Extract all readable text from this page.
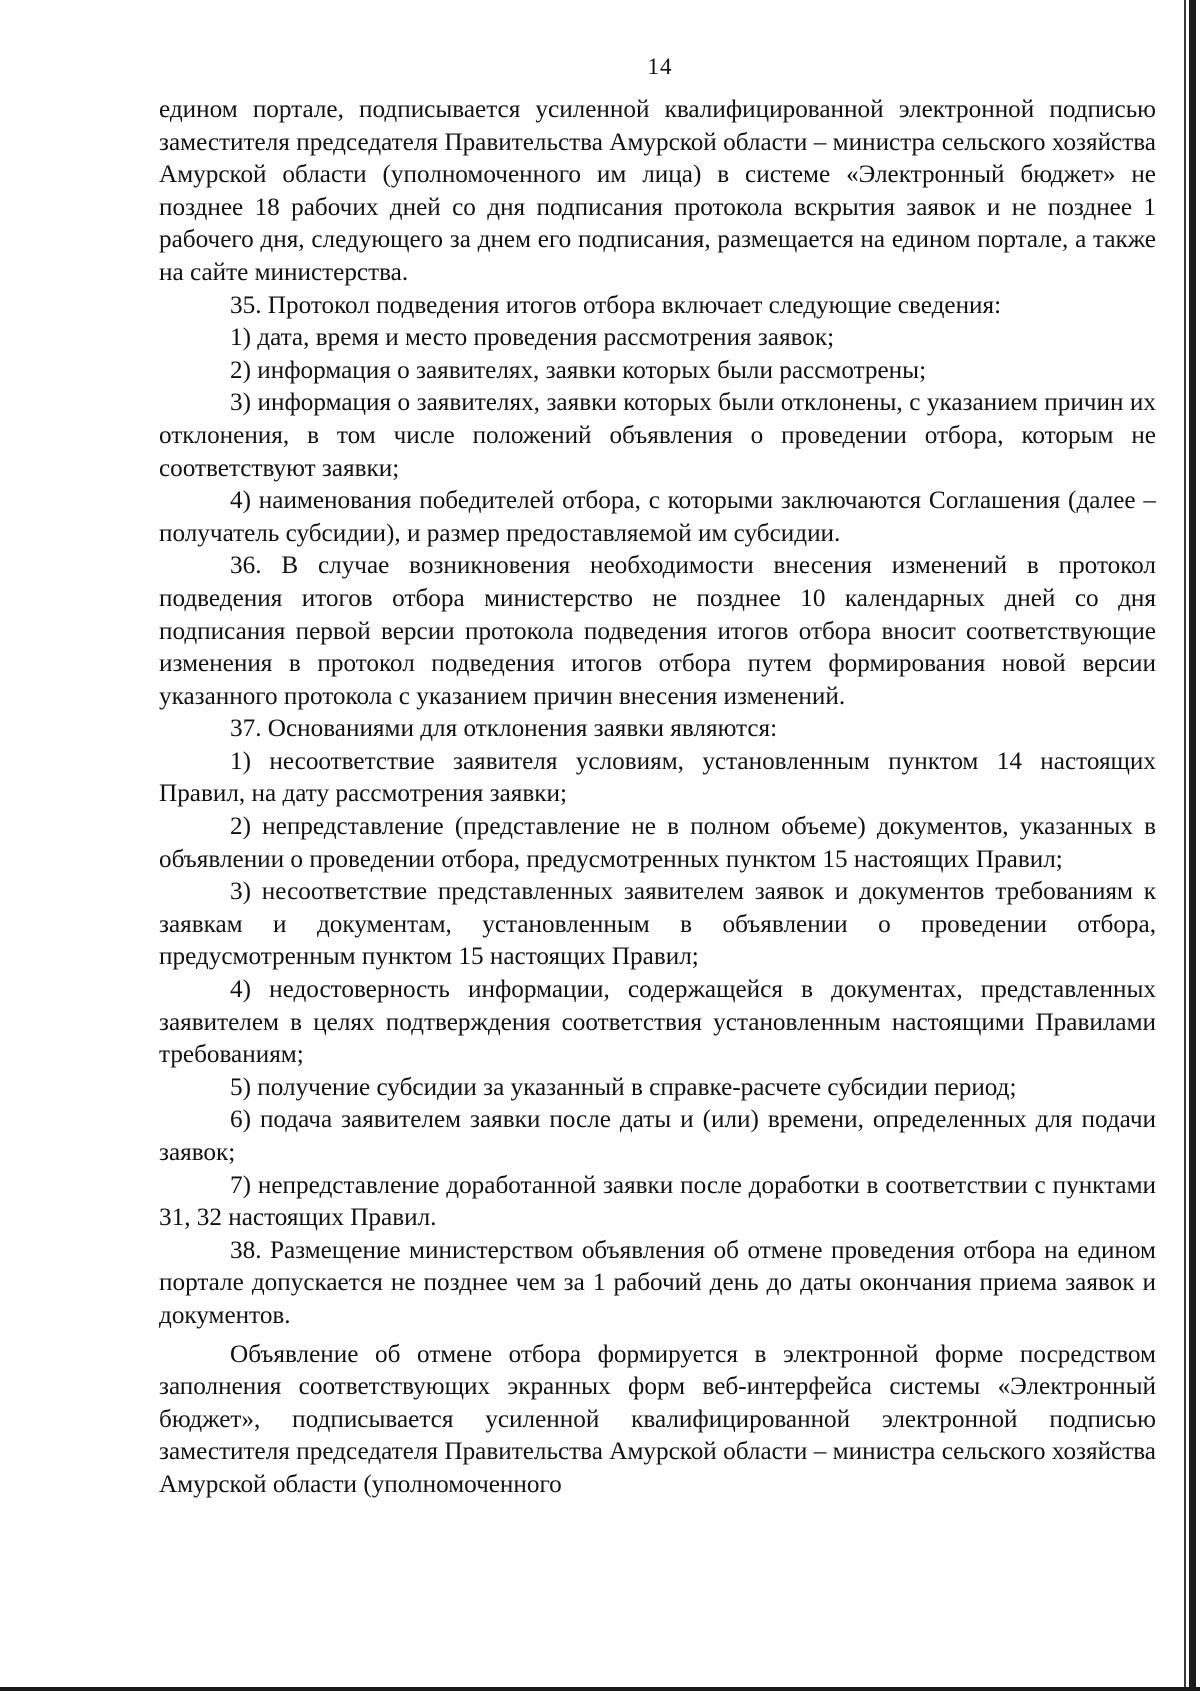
14

едином портале, подписывается усиленной квалифицированной электронной подписью заместителя председателя Правительства Амурской области – министра сельского хозяйства Амурской области (уполномоченного им лица) в системе «Электронный бюджет» не позднее 18 рабочих дней со дня подписания протокола вскрытия заявок и не позднее 1 рабочего дня, следующего за днем его подписания, размещается на едином портале, а также на сайте министерства.

35. Протокол подведения итогов отбора включает следующие сведения:

1) дата, время и место проведения рассмотрения заявок;

2) информация о заявителях, заявки которых были рассмотрены;

3) информация о заявителях, заявки которых были отклонены, с указанием причин их отклонения, в том числе положений объявления о проведении отбора, которым не соответствуют заявки;

4) наименования победителей отбора, с которыми заключаются Соглашения (далее – получатель субсидии), и размер предоставляемой им субсидии.

36. В случае возникновения необходимости внесения изменений в протокол подведения итогов отбора министерство не позднее 10 календарных дней со дня подписания первой версии протокола подведения итогов отбора вносит соответствующие изменения в протокол подведения итогов отбора путем формирования новой версии указанного протокола с указанием причин внесения изменений.

37. Основаниями для отклонения заявки являются:

1) несоответствие заявителя условиям, установленным пунктом 14 настоящих Правил, на дату рассмотрения заявки;

2) непредставление (представление не в полном объеме) документов, указанных в объявлении о проведении отбора, предусмотренных пунктом 15 настоящих Правил;

3) несоответствие представленных заявителем заявок и документов требованиям к заявкам и документам, установленным в объявлении о проведении отбора, предусмотренным пунктом 15 настоящих Правил;

4) недостоверность информации, содержащейся в документах, представленных заявителем в целях подтверждения соответствия установленным настоящими Правилами требованиям;

5) получение субсидии за указанный в справке-расчете субсидии период;

6) подача заявителем заявки после даты и (или) времени, определенных для подачи заявок;

7) непредставление доработанной заявки после доработки в соответствии с пунктами 31, 32 настоящих Правил.

38. Размещение министерством объявления об отмене проведения отбора на едином портале допускается не позднее чем за 1 рабочий день до даты окончания приема заявок и документов.

Объявление об отмене отбора формируется в электронной форме посредством заполнения соответствующих экранных форм веб-интерфейса системы «Электронный бюджет», подписывается усиленной квалифицированной электронной подписью заместителя председателя Правительства Амурской области – министра сельского хозяйства Амурской области (уполномоченного
